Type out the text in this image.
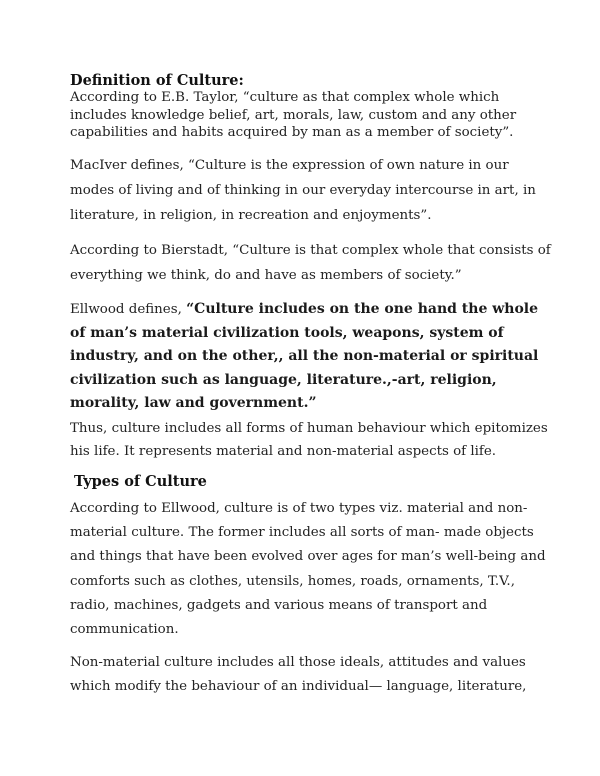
Definition of Culture:

According to E.B. Taylor, “culture as that complex whole which
includes knowledge belief, art, morals, law, custom and any other
capabilities and habits acquired by man as a member of society”.

MacIver defines, “Culture is the expression of own nature in our
modes of living and of thinking in our everyday intercourse in art, in
literature, in religion, in recreation and enjoyments”.

According to Bierstadt, “Culture is that complex whole that consists of
everything we think, do and have as members of society.”

Ellwood defines, “Culture includes on the one hand the whole
of man’s material civilization tools, weapons, system of
industry, and on the other,, all the non-material or spiritual
civilization such as language, literature.,-art, religion,
morality, law and government.”

Thus, culture includes all forms of human behaviour which epitomizes
his life. It represents material and non-material aspects of life.

Types of Culture

According to Ellwood, culture is of two types viz. material and non-
material culture. The former includes all sorts of man- made objects
and things that have been evolved over ages for man’s well-being and
comforts such as clothes, utensils, homes, roads, ornaments, T.V.,
radio, machines, gadgets and various means of transport and
communication.

Non-material culture includes all those ideals, attitudes and values
which modify the behaviour of an individual— language, literature,
